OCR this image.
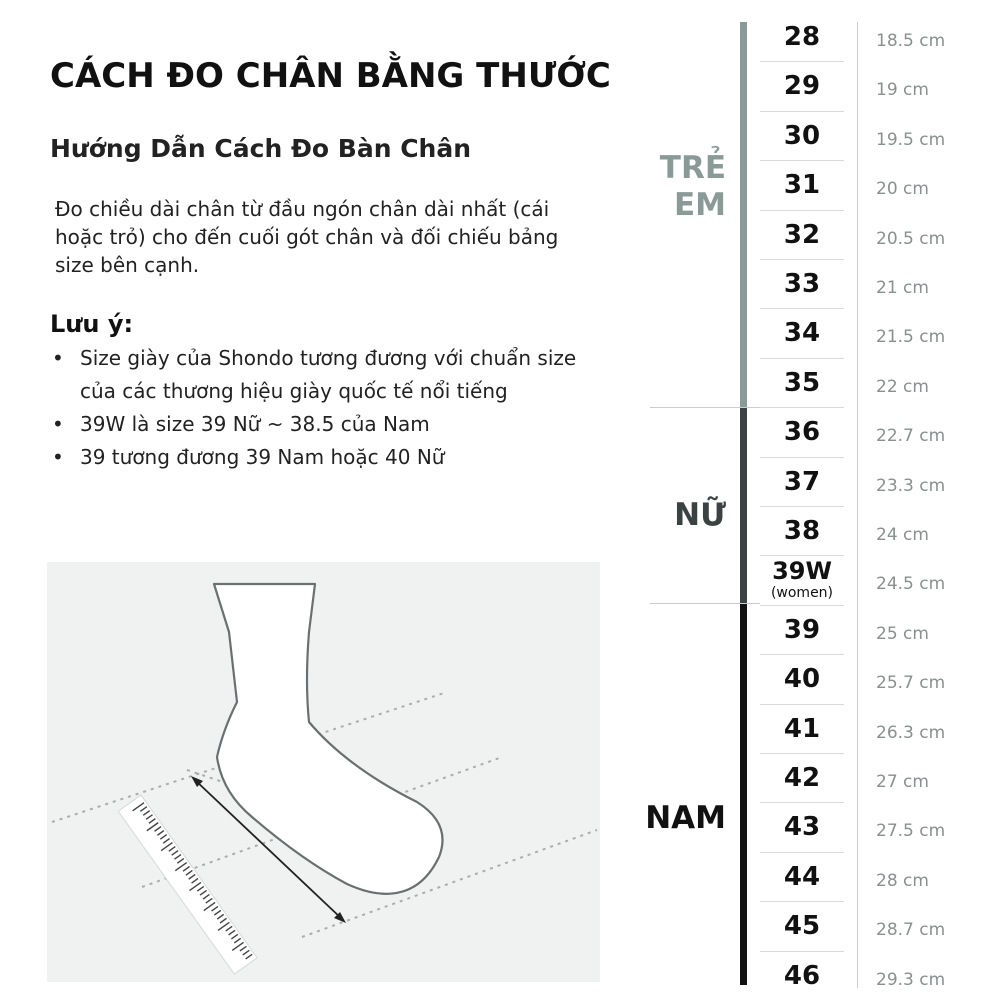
CÁCH ĐO CHÂN BẰNG THƯỚC
Hướng Dẫn Cách Đo Bàn Chân
Đo chiều dài chân từ đầu ngón chân dài nhất (cái hoặc trỏ) cho đến cuối gót chân và đối chiếu bảng size bên cạnh.
Lưu ý:
• Size giày của Shondo tương đương với chuẩn size của các thương hiệu giày quốc tế nổi tiếng
• 39W là size 39 Nữ ~ 38.5 của Nam
• 39 tương đương 39 Nam hoặc 40 Nữ
28	18.5 cm
29	19 cm
30	19.5 cm
31	20 cm
32	20.5 cm
33	21 cm
34	21.5 cm
35	22 cm
36	22.7 cm
37	23.3 cm
38	24 cm
39W
(women)	24.5 cm
39	25 cm
40	25.7 cm
41	26.3 cm
42	27 cm
43	27.5 cm
44	28 cm
45	28.7 cm
46	29.3 cm
TRẺ
EM
NỮ
NAM
